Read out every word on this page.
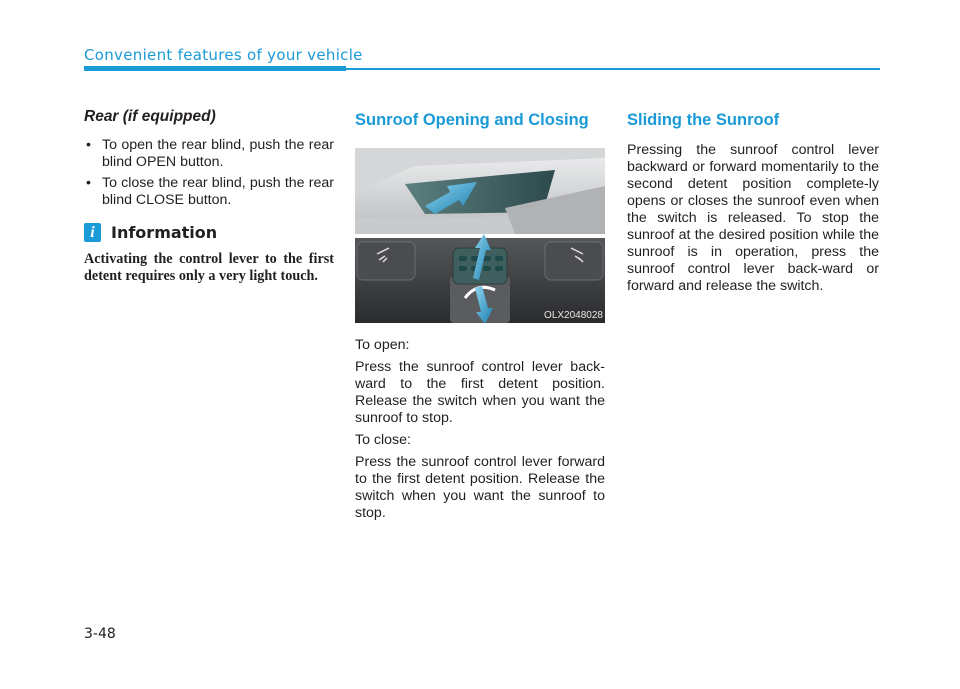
Convenient features of your vehicle
Rear (if equipped)
• To open the rear blind, push the rear blind OPEN button.
• To close the rear blind, push the rear blind CLOSE button.
i	Information
Activating the control lever to the first detent requires only a very light touch.
Sunroof Opening and Closing
OLX2048028

To open:

Press the sunroof control lever back-ward to the first detent position. Release the switch when you want the sunroof to stop.

To close:

Press the sunroof control lever forward to the first detent position. Release the switch when you want the sunroof to stop.

Sliding the Sunroof

Pressing the sunroof control lever backward or forward momentarily to the second detent position complete-ly opens or closes the sunroof even when the switch is released. To stop the sunroof at the desired position while the sunroof is in operation, press the sunroof control lever back-ward or forward and release the switch.

3-48
